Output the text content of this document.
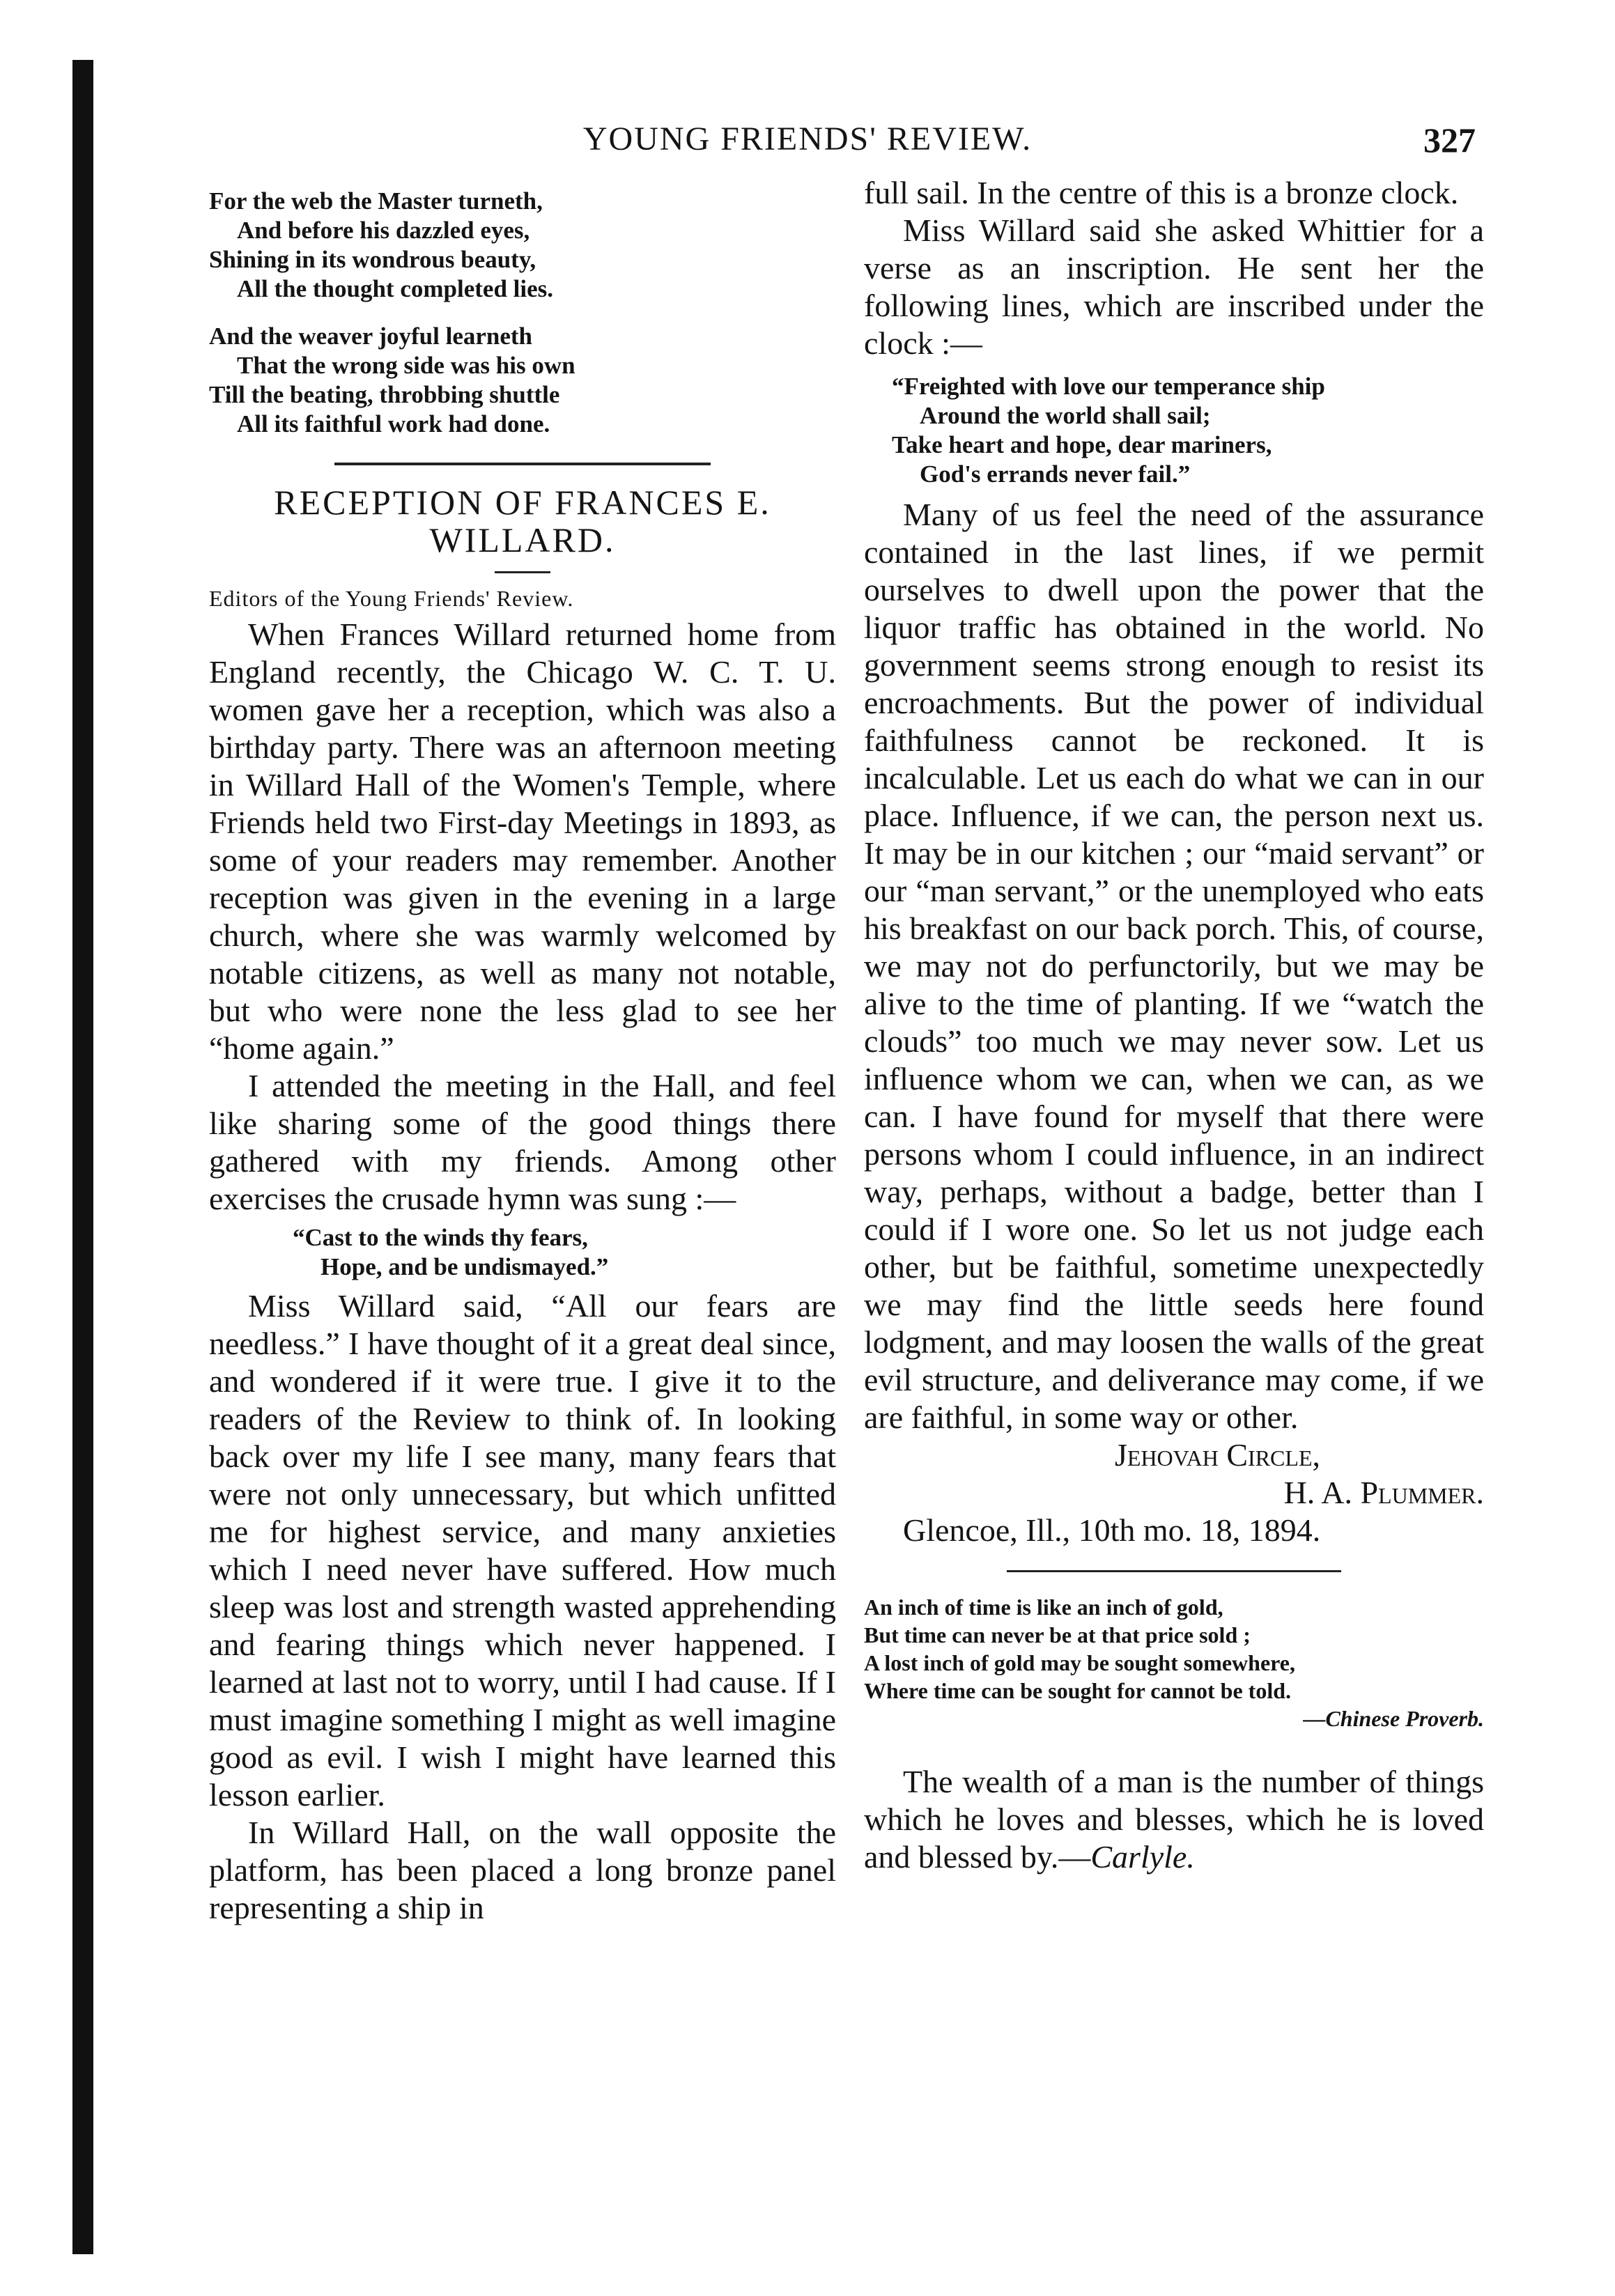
YOUNG FRIENDS' REVIEW.	327
For the web the Master turneth,
And before his dazzled eyes,
Shining in its wondrous beauty,
All the thought completed lies.
And the weaver joyful learneth
That the wrong side was his own
Till the beating, throbbing shuttle
All its faithful work had done.

RECEPTION OF FRANCES E.

WILLARD.

Editors of the Young Friends' Review.

When Frances Willard returned home from England recently, the Chicago W. C. T. U. women gave her a reception, which was also a birthday party. There was an afternoon meeting in Willard Hall of the Women's Temple, where Friends held two First-day Meetings in 1893, as some of your readers may remember. Another reception was given in the evening in a large church, where she was warmly welcomed by notable citizens, as well as many not notable, but who were none the less glad to see her “home again.”

I attended the meeting in the Hall, and feel like sharing some of the good things there gathered with my friends. Among other exercises the crusade hymn was sung :—

“Cast to the winds thy fears,
Hope, and be undismayed.”

Miss Willard said, “All our fears are needless.” I have thought of it a great deal since, and wondered if it were true. I give it to the readers of the Review to think of. In looking back over my life I see many, many fears that were not only unnecessary, but which unfitted me for highest service, and many anxieties which I need never have suffered. How much sleep was lost and strength wasted apprehending and fearing things which never happened. I learned at last not to worry, until I had cause. If I must imagine something I might as well imagine good as evil. I wish I might have learned this lesson earlier.

In Willard Hall, on the wall opposite the platform, has been placed a long bronze panel representing a ship in

full sail. In the centre of this is a bronze clock.

Miss Willard said she asked Whittier for a verse as an inscription. He sent her the following lines, which are inscribed under the clock :—

“Freighted with love our temperance ship
Around the world shall sail;
Take heart and hope, dear mariners,
God's errands never fail.”

Many of us feel the need of the assurance contained in the last lines, if we permit ourselves to dwell upon the power that the liquor traffic has obtained in the world. No government seems strong enough to resist its encroachments. But the power of individual faithfulness cannot be reckoned. It is incalculable. Let us each do what we can in our place. Influence, if we can, the person next us. It may be in our kitchen ; our “maid servant” or our “man servant,” or the unemployed who eats his breakfast on our back porch. This, of course, we may not do perfunctorily, but we may be alive to the time of planting. If we “watch the clouds” too much we may never sow. Let us influence whom we can, when we can, as we can. I have found for myself that there were persons whom I could influence, in an indirect way, perhaps, without a badge, better than I could if I wore one. So let us not judge each other, but be faithful, sometime unexpectedly we may find the little seeds here found lodgment, and may loosen the walls of the great evil structure, and deliverance may come, if we are faithful, in some way or other.

Jehovah Circle,

H. A. Plummer.

Glencoe, Ill., 10th mo. 18, 1894.

An inch of time is like an inch of gold,
But time can never be at that price sold ;
A lost inch of gold may be sought somewhere,
Where time can be sought for cannot be told.
—Chinese Proverb.

The wealth of a man is the number of things which he loves and blesses, which he is loved and blessed by.—Carlyle.
